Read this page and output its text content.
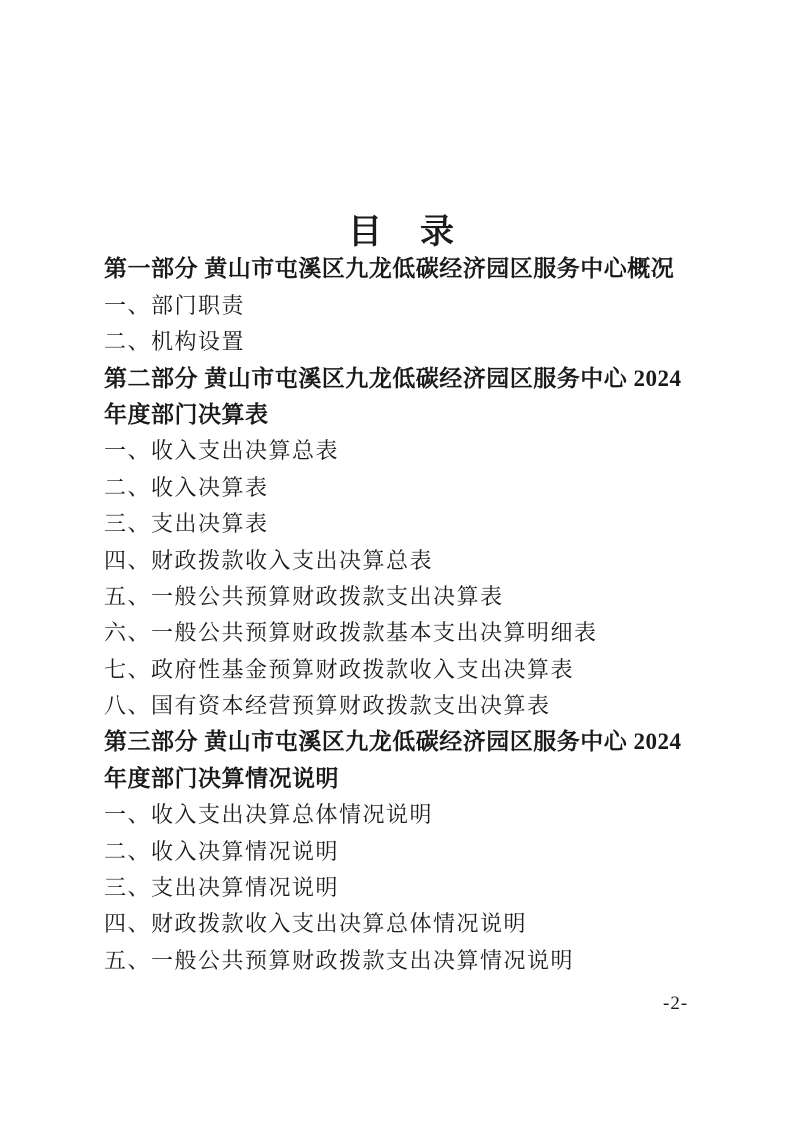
目　录

第一部分 黄山市屯溪区九龙低碳经济园区服务中心概况

一、部门职责

二、机构设置

第二部分 黄山市屯溪区九龙低碳经济园区服务中心 2024

年度部门决算表

一、收入支出决算总表

二、收入决算表

三、支出决算表

四、财政拨款收入支出决算总表

五、一般公共预算财政拨款支出决算表

六、一般公共预算财政拨款基本支出决算明细表

七、政府性基金预算财政拨款收入支出决算表

八、国有资本经营预算财政拨款支出决算表

第三部分 黄山市屯溪区九龙低碳经济园区服务中心 2024

年度部门决算情况说明

一、收入支出决算总体情况说明

二、收入决算情况说明

三、支出决算情况说明

四、财政拨款收入支出决算总体情况说明

五、一般公共预算财政拨款支出决算情况说明

-2-
